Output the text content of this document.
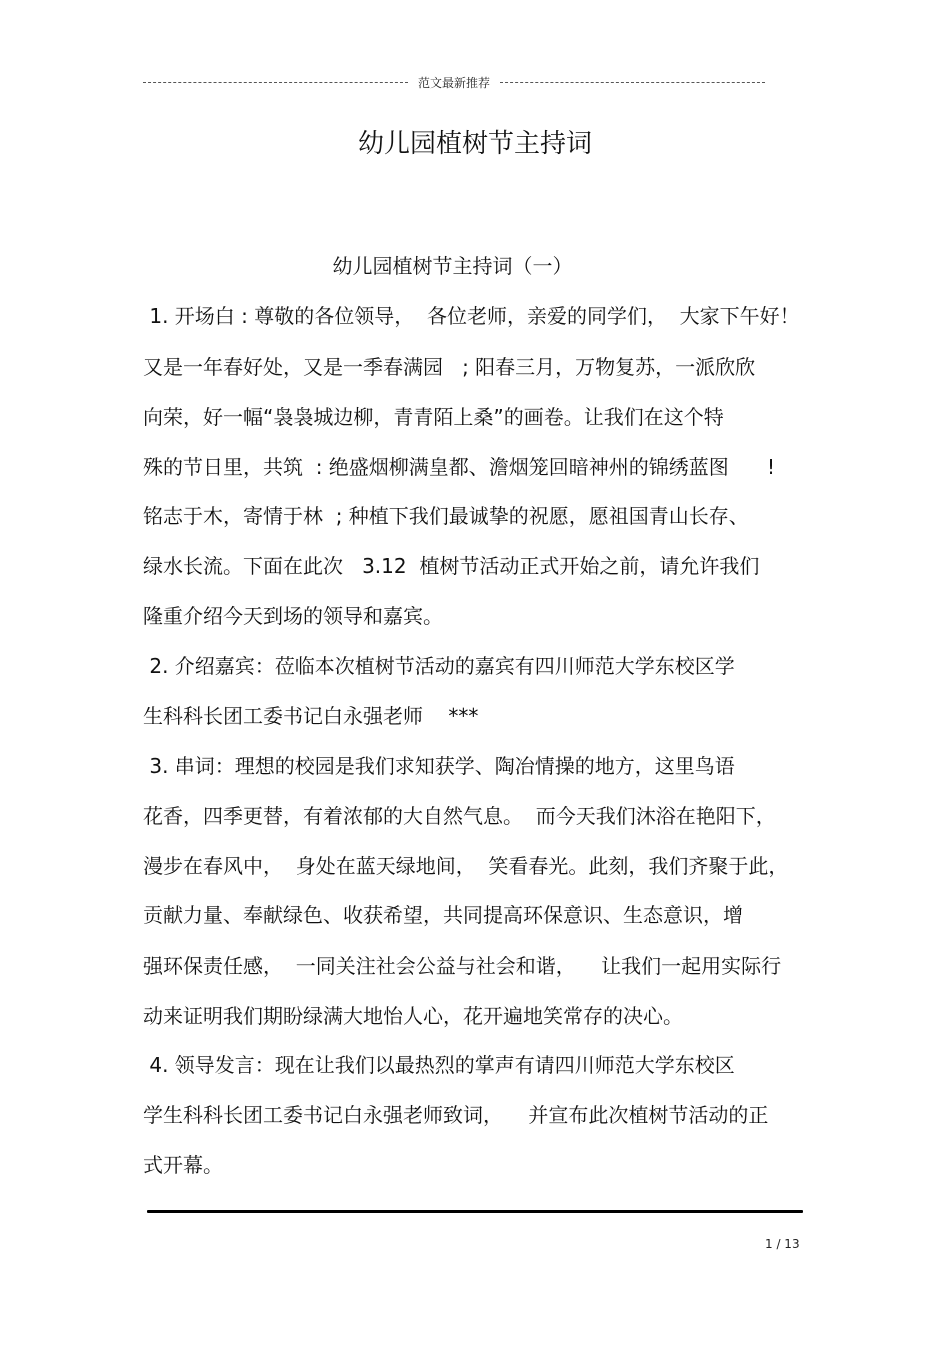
范文最新推荐
幼儿园植树节主持词
幼儿园植树节主持词（一）
1. 开场白 : 尊敬的各位领导，  各位老师，亲爱的同学们，  大家下午好！
又是一年春好处，又是一季春满园   ; 阳春三月，万物复苏，一派欣欣
向荣，好一幅“袅袅城边柳，青青陌上桑”的画卷。让我们在这个特
殊的节日里，共筑  : 绝盛烟柳满皇都、澹烟笼回暗神州的锦绣蓝图      !
铭志于木，寄情于林  ; 种植下我们最诚挚的祝愿，愿祖国青山长存、
绿水长流。下面在此次   3.12  植树节活动正式开始之前，请允许我们
隆重介绍今天到场的领导和嘉宾。
2. 介绍嘉宾：莅临本次植树节活动的嘉宾有四川师范大学东校区学
生科科长团工委书记白永强老师    ***
3. 串词：理想的校园是我们求知获学、陶冶情操的地方，这里鸟语
花香，四季更替，有着浓郁的大自然气息。  而今天我们沐浴在艳阳下，
漫步在春风中，  身处在蓝天绿地间，  笑看春光。此刻，我们齐聚于此，
贡献力量、奉献绿色、收获希望，共同提高环保意识、生态意识，增
强环保责任感，  一同关注社会公益与社会和谐，    让我们一起用实际行
动来证明我们期盼绿满大地怡人心，花开遍地笑常存的决心。
4. 领导发言：现在让我们以最热烈的掌声有请四川师范大学东校区
学生科科长团工委书记白永强老师致词，    并宣布此次植树节活动的正
式开幕。
1 / 13
